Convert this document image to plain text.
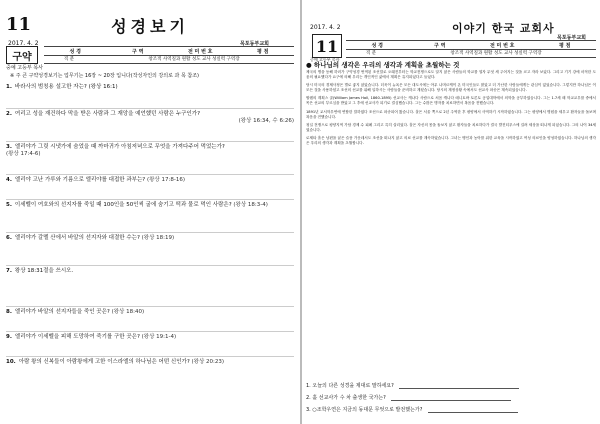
11	성경보기
2017. 4. 2	목포동부교회
구약
중예 고등부 목사
성 경	구 역	전 미 번 호	평 점
직 분	창조적 사역질과 원활 성도 교사 성실력 구역장
※ 주 큰 구약성경보기는 업무기는 16장 ~ 20장 입니다(작성자인의 강의로 과 목 참조)
1. 바라사의 범칭용 설고한 자는? (왕상 16:1)
2. 여리고 성을 재건하다 막을 받은 사람과 그 재앙을 예언했던 사람은 누구인가?
(왕상 16:34, 수 6:26)
3. 엘리야가 그릿 시냇가에 숨었을 때 까마귀가 아침저녁으로 무엇을 가져다주어 먹었는가?
(왕상 17:4-6)
4. 엘리야 고난 가루와 기름으로 엘리야를 대접한 과부는? (왕상 17:8-16)
5. 이세벨이 여호와의 선지자를 죽일 때 100인을 50인씩 굴에 숨기고 떡과 물로 먹인 사람은? (왕상 18:3-4)
6. 엘리야가 갈멜 산에서 바알의 선지자와 대결한 수는? (왕상 18:19)
7. 왕상 18:31절을 쓰시오.
8. 엘리야가 바알의 선지자들을 죽인 곳은? (왕상 18:40)
9. 엘리야가 이세벨을 피해 도망하여 죽기를 구한 곳은? (왕상 19:1-4)
10. 아람 왕의 신복들이 아람왕에게 고한 이스라엘의 하나님은 어떤 신인가? (왕상 20:23)
2017. 4. 2	이야기 한국 교회사
목포동부교회
11
중예 고등부 목사
성 경	구 역	전 미 번 호	평 점
직 분	창조적 사역질과 원활 성도 교사 성실력 구역장
● 하나님의 생각은 우리의 생각과 계획을 초월하는 것

제국의 병을 동해 하러가 구약성경 번역된 조선말로 오래전부터는 학교전쟁으로도 알지 않은 사람들의 학교를 열자 무엇 세 주어지는 것을 코고 자라 보았다. 그리고 기기 강에 마적한 도움의 필요했다가 요구에 의해 우리는 개인적인 삶에서 계획은 유지되었다고 들었다.

당시 미국의 경제사정은 별로 좋지 않았습니다. 더욱이 뉴욕은 모든 대도시에는 아무 나머르케이 온 미국인들도 많았고 더 가난한 사람들에게는 관심이 없었습니다. 그렇지만 하나님은 이 모든 것을 사용하셨고 조선의 선교를 위해 일하시는 사람들을 준비하고 계셨습니다. 당시의 재정상황 속에서도 선교사 파송은 계속되었습니다.

할렘의 계획스 골(William James Hall, 1860-1895) 선교사는 캐나다 사람으로 처음 캐나다 매니토바 토론토 공업대학에서 의학을 공부하였습니다. 그는 1.7세 때 학교교우를 중에서 목은 선교의 부르심을 받았고 그 후에 선교사가 되기로 결심했습니다. 그는 수많은 병자를 치료하면서 복음을 전했습니다.

1891년 교서학우연에 연합한 말하였다 조선으로 파송되어 왔습니다. 홀은 서울 쪽으로 2년 주역한 후 평양에서 사역하기 시작하였습니다. 그는 평양에서 병원을 세우고 환자들을 돌보며 복음을 전했습니다.

청일 전쟁으로 평양지역 가담 경제 수 피폐 그리고 특히 살리었다. 홀은 자신의 몸을 돌보지 않고 환자들을 치료하다가 결국 발진티푸스에 걸려 세상을 떠나게 되었습니다. 그의 나이 34세였습니다.

로제타 홀은 남편을 잃은 슬픔 가운데서도 조선을 떠나지 않고 의료 선교를 계속하였습니다. 그녀는 맹인과 농아를 위한 교육을 시작하였고 여성 의료인을 양성하였습니다. 하나님의 생각은 우리의 생각과 계획을 초월합니다.

1. 오늘의 다른 성경을 제대로 말하세요?
2. 홀 선교사가 수 차 출생한 국가는?
3. ○조학우연은 지금의 동대문 무엇으로 발전했는가?
